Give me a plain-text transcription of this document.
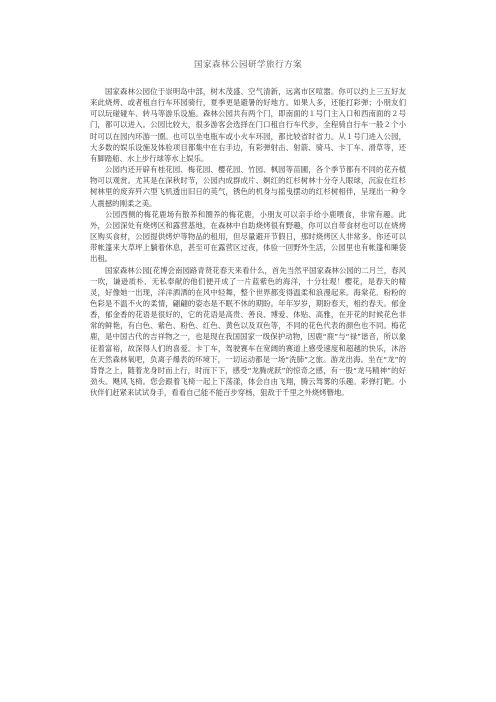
国家森林公园研学旅行方案

国家森林公园位于崇明岛中部，树木茂盛、空气清新，远离市区喧嚣。你可以约上三五好友来此烧烤、或者租自行车环园骑行，夏季更是避暑的好地方。如果人多，还能打彩弹；小朋友们可以玩碰碰车、转马等游乐设施。森林公园共有两个门，即南面的１号门主入口和西南面的２号门，都可以进入。公园比较大，很多游客会选择在门口租自行车代步，全程骑自行车一般２个小时可以在园内环游一圈。也可以坐电瓶车或小火车环园，都比较省时省力。从１号门进入公园，大多数的娱乐设施及体验项目都集中在右手边，有彩弹射击、射箭、骑马、卡丁车、滑草等，还有脚踏船、水上步行球等水上娱乐。

公园内还开辟有桂花园、梅花园、樱花园、竹园、枫园等苗圃，各个季节都有不同的花卉植物可以观赏。尤其是在深秋时节，公园内成群成片、婀红的红杉树林十分夺人眼球，沉寂在红杉树林里的废弃歼六型飞机透出旧日的英气，锈色的机身与摇曳摆动的红杉树相伴，呈现出一种令人震撼的刚柔之美。

公园西侧的梅花鹿场有散养和圈养的梅花鹿，小朋友可以亲手给小鹿喂食，非常有趣。此外，公园深处有烧烤区和露营基地，在森林中自助烧烤很有野趣，你可以自带食材也可以在烧烤区购买食材，公园提供烤炉等物品的租用，但尽量避开节假日，那时烧烤区人非常多。你还可以带帐篷来大草坪上躺着休息，甚至可在露营区过夜，体验一回野外生活，公园里也有帐篷和睡袋出租。

国家森林公园[花博会南园路青贤花春天来看什么，首先当然平国家森林公园的二月兰，春风一吹，谦逊质朴、无私奉献的他们便开成了一片蓝紫色的海洋，十分壮观！樱花，是春天的精灵，好像她一出现，洋洋洒洒的在风中轻舞，整个世界都变得温柔和浪漫起来。海棠花．粉粉的色彩是不温不火的柔情，翩翩的姿态是不眠不休的期盼。年年岁岁，期盼春天，相约春天。郁金香，郁金香的花语是很好的，它的花语是高贵、善良、博爱、体贴、高雅，在开花的时候花色非常的鲜艳，有白色、紫色、粉色、红色、黄色以及双色等，不同的花色代表的颜色也不同。梅花鹿，是中国古代的吉祥物之一，也是现在我国国家一级保护动物，因鹿“鹿”与“禄”谐音，所以象征着富裕，故深得人们的喜爱。卡丁车，驾驶赛车在宽阔的赛道上感受速度和超越的快乐，沐浴在天然森林氧吧，负离子爆表的环境下，一切运动都是一场“洗肺”之旅。游龙出海。坐在“龙”的背脊之上，随着龙身时而上行，时而下下，感受“龙腾虎跃”的惊奇之感，有一股“龙马精神”的好劲头。飓风飞椅。您会跟着飞椅一起上下荡漾，体会自由飞翔，腾云驾雾的乐趣。彩弹打靶。小伙伴们赶紧来试试身手，看看自己能不能百步穿杨，狙敌于千里之外烧烤簪地。
